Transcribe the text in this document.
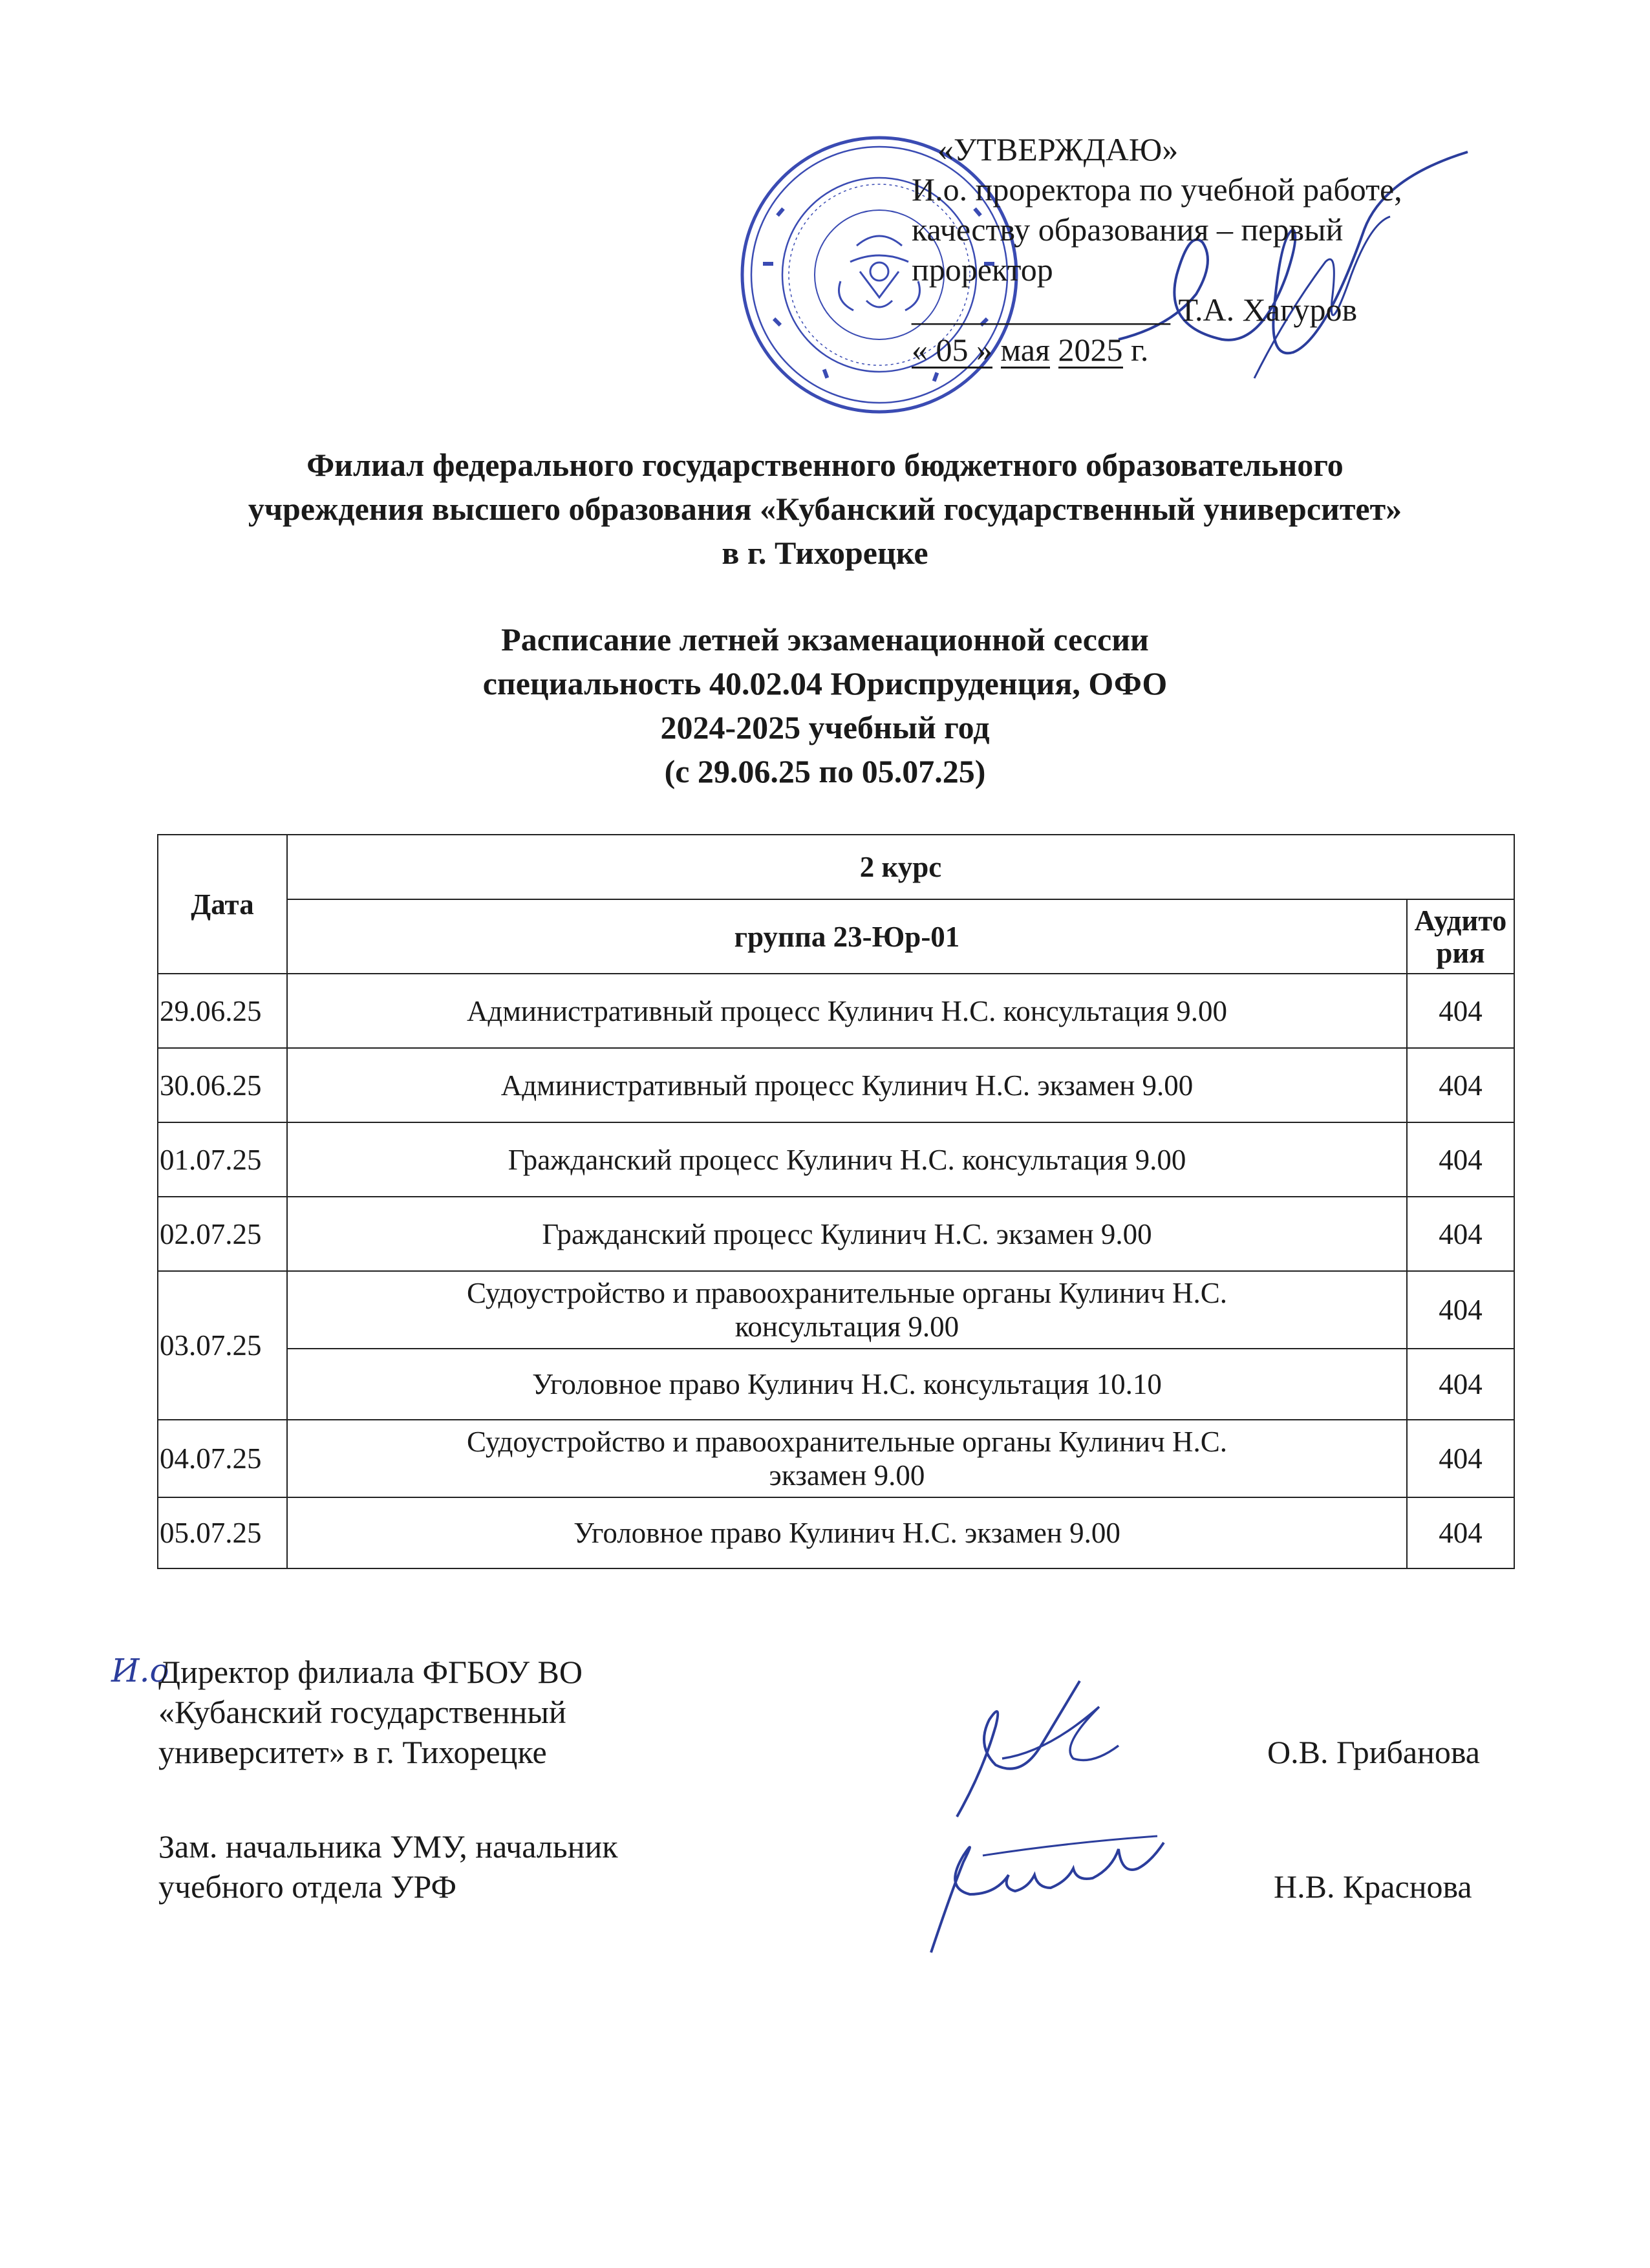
«УТВЕРЖДАЮ»
И.о. проректора по учебной работе,
качеству образования – первый
проректор
________________ Т.А. Хагуров
« 05 » мая 2025 г.
Филиал федерального государственного бюджетного образовательного
учреждения высшего образования «Кубанский государственный университет»
в г. Тихорецке
Расписание летней экзаменационной сессии
специальность 40.02.04 Юриспруденция, ОФО
2024-2025 учебный год
(с 29.06.25 по 05.07.25)
Дата	2 курс	
	группа 23-Юр-01	Аудито
рия
29.06.25	Административный процесс Кулинич Н.С. консультация 9.00	404
30.06.25	Административный процесс Кулинич Н.С. экзамен 9.00	404
01.07.25	Гражданский процесс Кулинич Н.С. консультация 9.00	404
02.07.25	Гражданский процесс Кулинич Н.С. экзамен 9.00	404
03.07.25	Судоустройство и правоохранительные органы Кулинич Н.С.
консультация 9.00	404
	Уголовное право Кулинич Н.С. консультация 10.10	404
04.07.25	Судоустройство и правоохранительные органы Кулинич Н.С.
экзамен 9.00	404
05.07.25	Уголовное право Кулинич Н.С. экзамен 9.00	404
И.о
Директор филиала ФГБОУ ВО
«Кубанский государственный
университет» в г. Тихорецке	О.В. Грибанова
Зам. начальника УМУ, начальник
учебного отдела УРФ	Н.В. Краснова
